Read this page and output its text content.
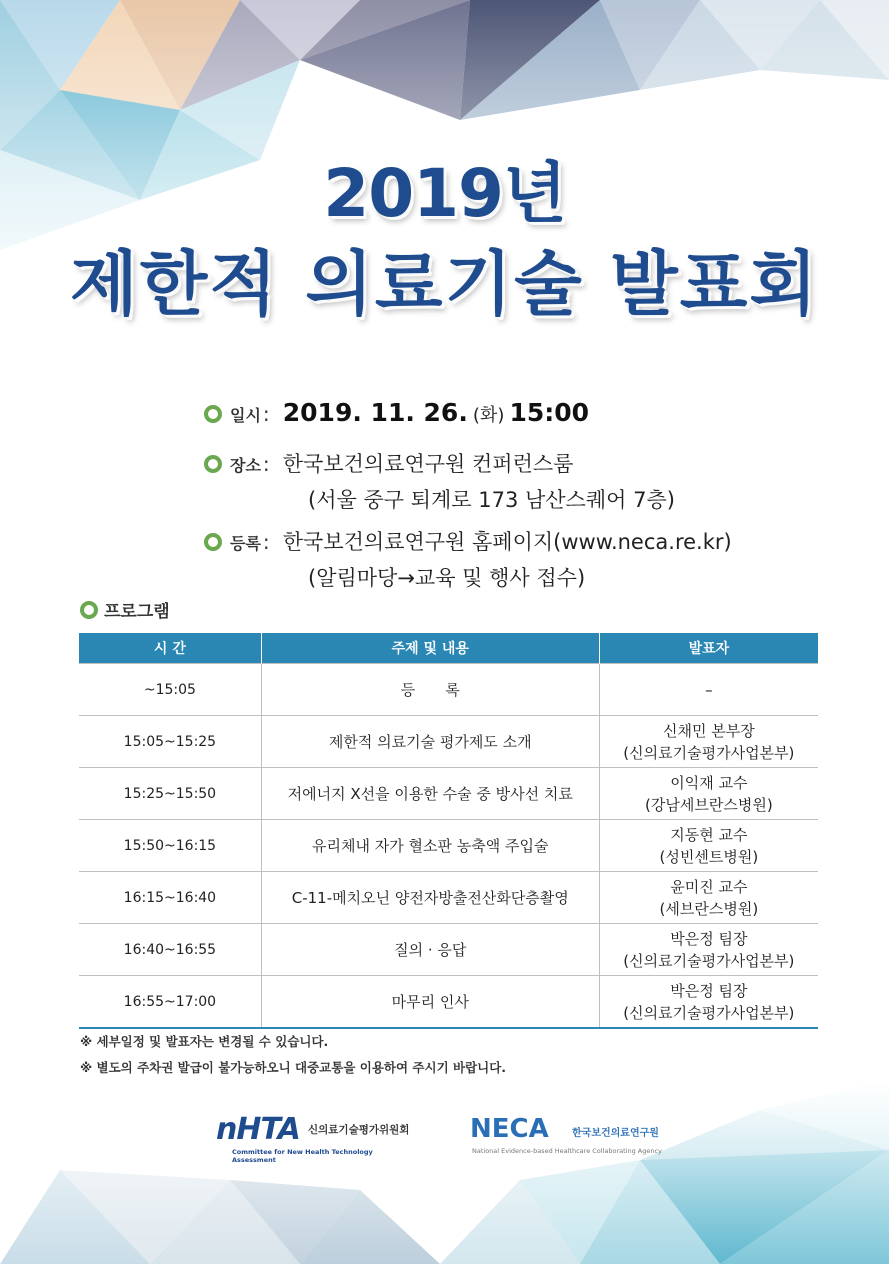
2019년
제한적 의료기술 발표회
일시 : 2019. 11. 26. (화) 15:00
장소 : 한국보건의료연구원 컨퍼런스룸
(서울 중구 퇴계로 173 남산스퀘어 7층)
등록 : 한국보건의료연구원 홈페이지(www.neca.re.kr)
(알림마당→교육 및 행사 접수)
프로그램
시 간	주제 및 내용	발표자
~15:05	등　　록	–
15:05~15:25	제한적 의료기술 평가제도 소개	신채민 본부장
(신의료기술평가사업본부)
15:25~15:50	저에너지 X선을 이용한 수술 중 방사선 치료	이익재 교수
(강남세브란스병원)
15:50~16:15	유리체내 자가 혈소판 농축액 주입술	지동현 교수
(성빈센트병원)
16:15~16:40	C-11-메치오닌 양전자방출전산화단층촬영	윤미진 교수
(세브란스병원)
16:40~16:55	질의 · 응답	박은정 팀장
(신의료기술평가사업본부)
16:55~17:00	마무리 인사	박은정 팀장
(신의료기술평가사업본부)
※ 세부일정 및 발표자는 변경될 수 있습니다.
※ 별도의 주차권 발급이 불가능하오니 대중교통을 이용하여 주시기 바랍니다.
nHTA 신의료기술평가위원회
Committee for New Health Technology Assessment
NECA 한국보건의료연구원
National Evidence-based Healthcare Collaborating Agency
